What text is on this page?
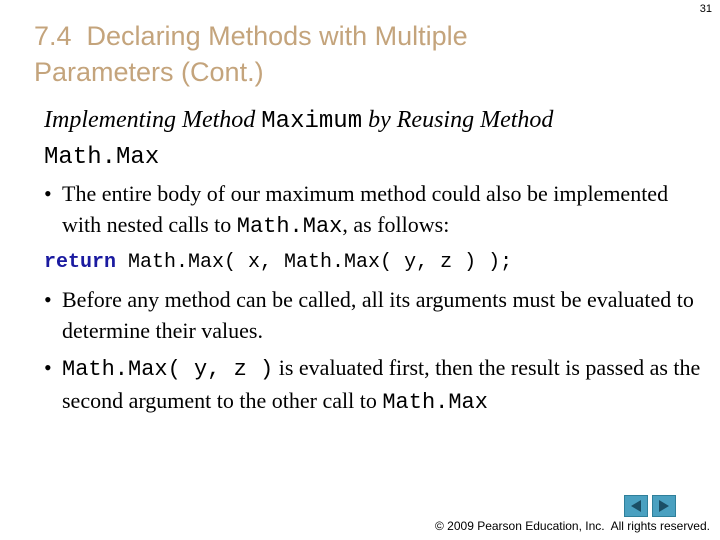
31
7.4  Declaring Methods with Multiple
Parameters (Cont.)

Implementing Method Maximum by Reusing Method
Math.Max

• The entire body of our maximum method could also be implemented with nested calls to Math.Max, as follows:
return Math.Max( x, Math.Max( y, z ) );
• Before any method can be called, all its arguments must be evaluated to determine their values.
• Math.Max( y, z ) is evaluated first, then the result is passed as the second argument to the other call to Math.Max
© 2009 Pearson Education, Inc.  All rights reserved.
